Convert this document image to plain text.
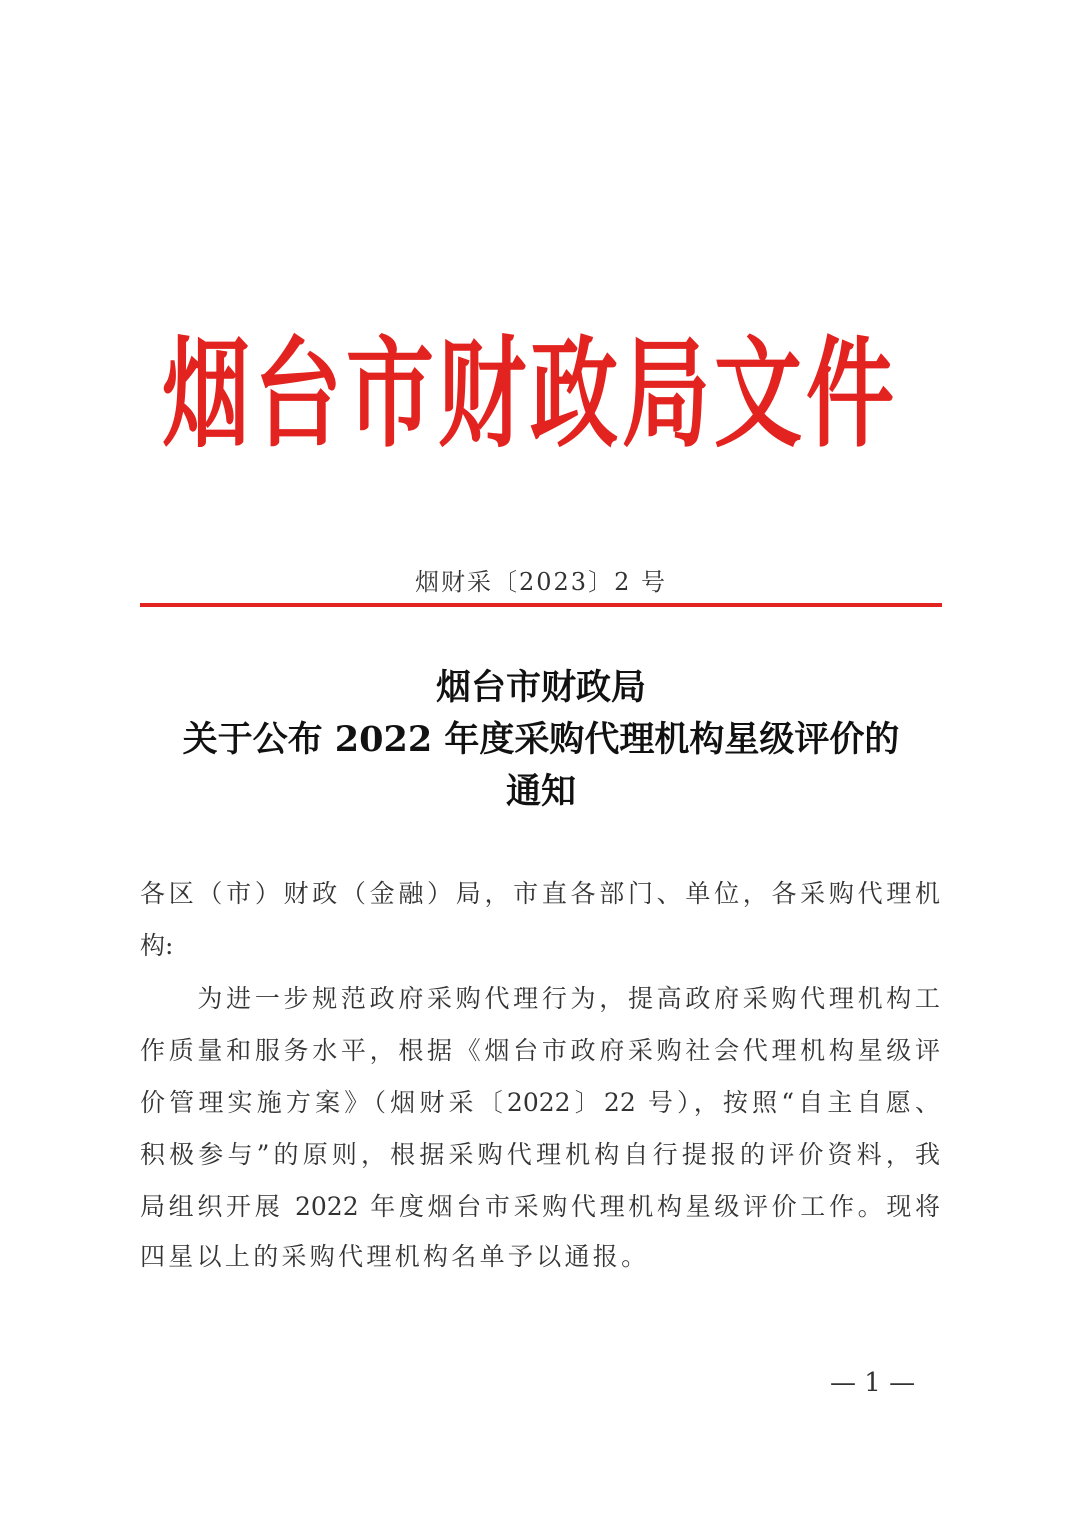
烟台市财政局文件
烟财采〔2023〕2 号
烟台市财政局
关于公布 2022 年度采购代理机构星级评价的
通知
各区（市）财政（金融）局，市直各部门、单位，各采购代理机
构:
　　为进一步规范政府采购代理行为，提高政府采购代理机构工
作质量和服务水平，根据《烟台市政府采购社会代理机构星级评
价管理实施方案》（烟财采〔2022〕22 号），按照“自主自愿、
积极参与”的原则，根据采购代理机构自行提报的评价资料，我
局组织开展 2022 年度烟台市采购代理机构星级评价工作。现将
四星以上的采购代理机构名单予以通报。
— 1 —
